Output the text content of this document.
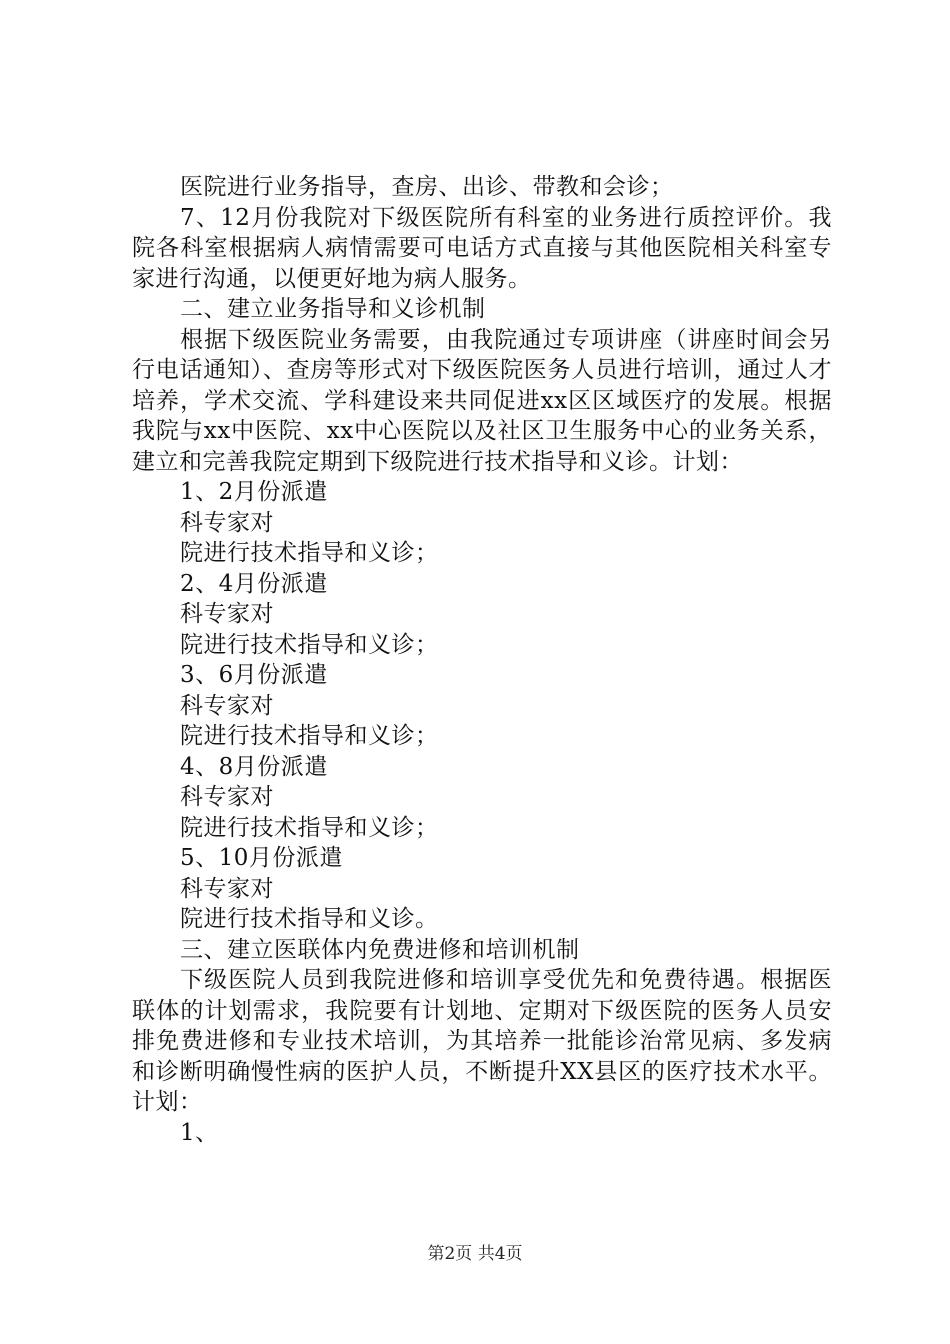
医院进行业务指导，查房、出诊、带教和会诊；

7、12月份我院对下级医院所有科室的业务进行质控评价。我院各科室根据病人病情需要可电话方式直接与其他医院相关科室专家进行沟通，以便更好地为病人服务。

二、建立业务指导和义诊机制

根据下级医院业务需要，由我院通过专项讲座（讲座时间会另行电话通知）、查房等形式对下级医院医务人员进行培训，通过人才培养，学术交流、学科建设来共同促进xx区区域医疗的发展。根据我院与xx中医院、xx中心医院以及社区卫生服务中心的业务关系，建立和完善我院定期到下级院进行技术指导和义诊。计划：

1、2月份派遣

科专家对

院进行技术指导和义诊；

2、4月份派遣

科专家对

院进行技术指导和义诊；

3、6月份派遣

科专家对

院进行技术指导和义诊；

4、8月份派遣

科专家对

院进行技术指导和义诊；

5、10月份派遣

科专家对

院进行技术指导和义诊。

三、建立医联体内免费进修和培训机制

下级医院人员到我院进修和培训享受优先和免费待遇。根据医联体的计划需求，我院要有计划地、定期对下级医院的医务人员安排免费进修和专业技术培训，为其培养一批能诊治常见病、多发病和诊断明确慢性病的医护人员，不断提升XX县区的医疗技术水平。计划：

1、

第2页 共4页
